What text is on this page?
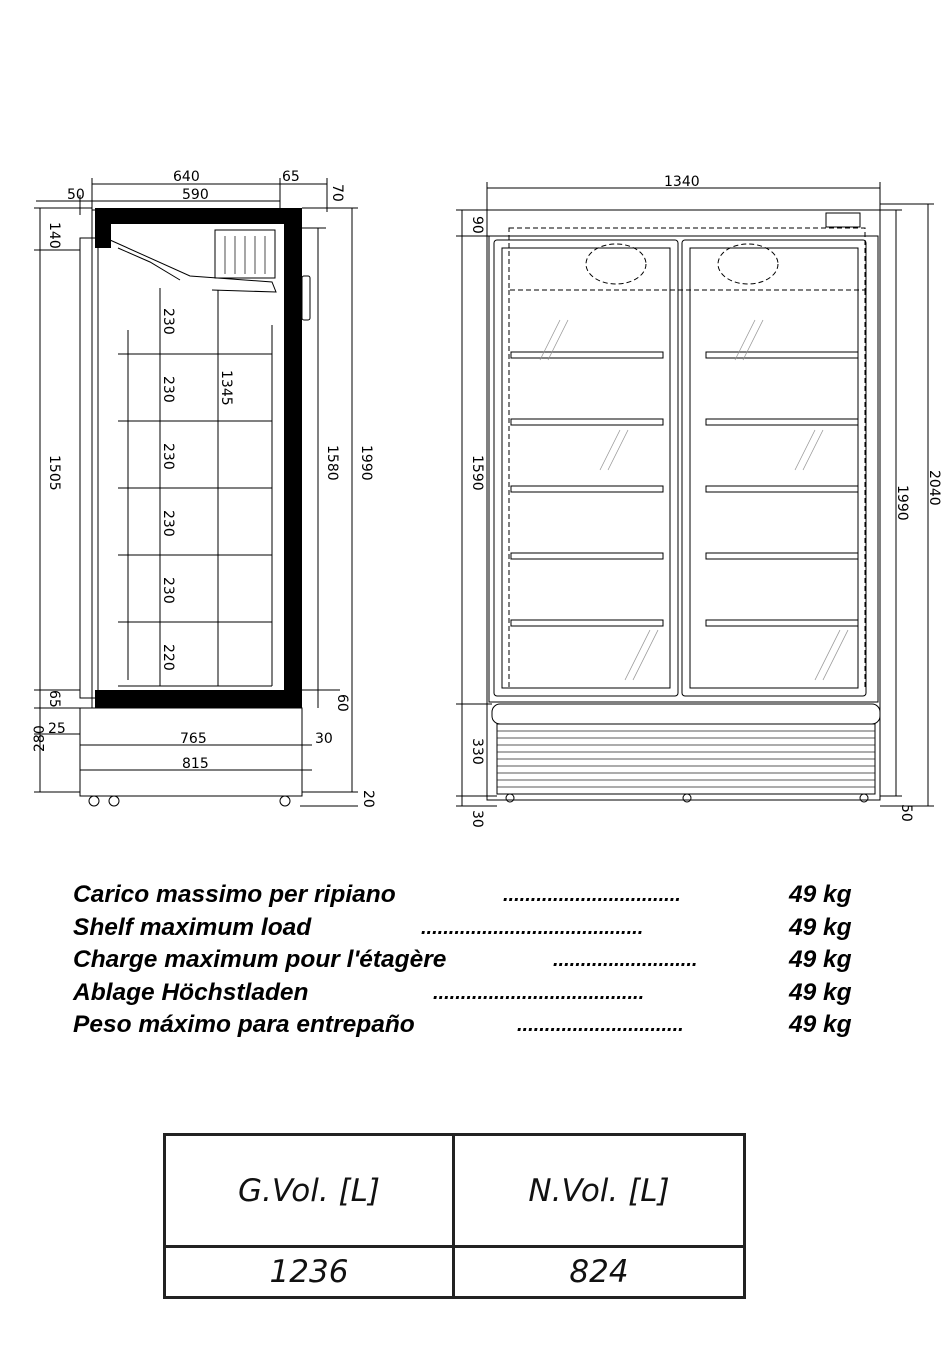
640	65
50	590	70
140
1505
65
25
280
230
230
230
230
230
220
1345
1580 1990
60
20
765	30
815
1340
90
1590
330
30
1990 2040
50
Carico massimo per ripiano	................................	49 kg
Shelf maximum load	........................................	49 kg
Charge maximum pour l'étagère	..........................	49 kg
Ablage Höchstladen	......................................	49 kg
Peso máximo para entrepaño	..............................	49 kg
G.Vol. [L]	N.Vol. [L]
1236	824
